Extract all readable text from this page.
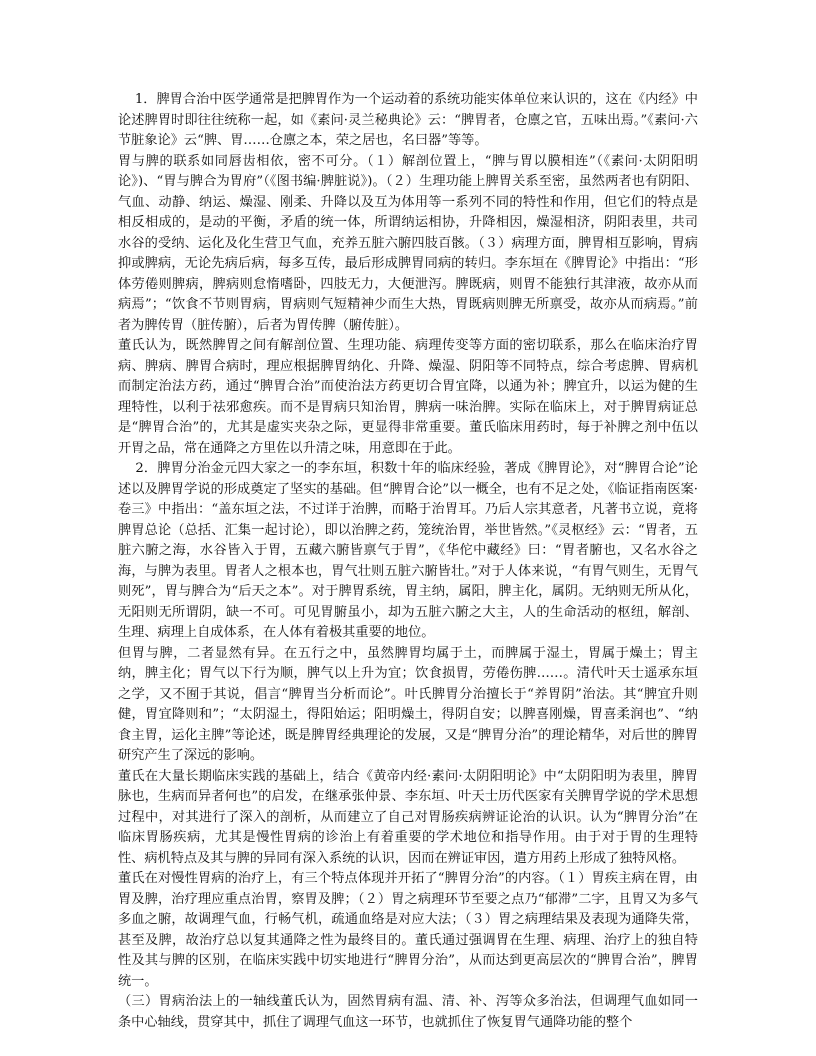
1．脾胃合治中医学通常是把脾胃作为一个运动着的系统功能实体单位来认识的，这在《内经》中论述脾胃时即往往统称一起，如《素问·灵兰秘典论》云：“脾胃者，仓廪之官，五味出焉。”《素问·六节脏象论》云“脾、胃……仓廪之本，荣之居也，名曰器”等等。

胃与脾的联系如同唇齿相依，密不可分。（１）解剖位置上，“脾与胃以膜相连”（《素问·太阴阳明论》)、“胃与脾合为胃府”（《图书编·脾脏说》)。（２）生理功能上脾胃关系至密，虽然两者也有阴阳、气血、动静、纳运、燥湿、刚柔、升降以及互为体用等一系列不同的特性和作用，但它们的特点是相反相成的，是动的平衡，矛盾的统一体，所谓纳运相协，升降相因，燥湿相济，阴阳表里，共司水谷的受纳、运化及化生营卫气血，充养五脏六腑四肢百骸。（３）病理方面，脾胃相互影响，胃病抑或脾病，无论先病后病，每多互传，最后形成脾胃同病的转归。李东垣在《脾胃论》中指出：“形体劳倦则脾病，脾病则怠惰嗜卧，四肢无力，大便泄泻。脾既病，则胃不能独行其津液，故亦从而病焉”；“饮食不节则胃病，胃病则气短精神少而生大热，胃既病则脾无所禀受，故亦从而病焉。”前者为脾传胃（脏传腑），后者为胃传脾（腑传脏）。

董氏认为，既然脾胃之间有解剖位置、生理功能、病理传变等方面的密切联系，那么在临床治疗胃病、脾病、脾胃合病时，理应根据脾胃纳化、升降、燥湿、阴阳等不同特点，综合考虑脾、胃病机而制定治法方药，通过“脾胃合治”而使治法方药更切合胃宜降，以通为补；脾宜升，以运为健的生理特性，以利于祛邪愈疾。而不是胃病只知治胃，脾病一味治脾。实际在临床上，对于脾胃病证总是“脾胃合治”的，尤其是虚实夹杂之际，更显得非常重要。董氏临床用药时，每于补脾之剂中伍以开胃之品，常在通降之方里佐以升清之味，用意即在于此。

2．脾胃分治金元四大家之一的李东垣，积数十年的临床经验，著成《脾胃论》，对“脾胃合论”论述以及脾胃学说的形成奠定了坚实的基础。但“脾胃合论”以一概全，也有不足之处，《临证指南医案·卷三》中指出：“盖东垣之法，不过详于治脾，而略于治胃耳。乃后人宗其意者，凡著书立说，竟将脾胃总论（总括、汇集一起讨论），即以治脾之药，笼统治胃，举世皆然。”《灵枢经》云：“胃者，五脏六腑之海，水谷皆入于胃，五藏六腑皆禀气于胃”，《华佗中藏经》曰：“胃者腑也，又名水谷之海，与脾为表里。胃者人之根本也，胃气壮则五脏六腑皆壮。”对于人体来说，“有胃气则生，无胃气则死”，胃与脾合为“后天之本”。对于脾胃系统，胃主纳，属阳，脾主化，属阴。无纳则无所从化，无阳则无所谓阴，缺一不可。可见胃腑虽小，却为五脏六腑之大主，人的生命活动的枢纽，解剖、生理、病理上自成体系，在人体有着极其重要的地位。

但胃与脾，二者显然有异。在五行之中，虽然脾胃均属于土，而脾属于湿土，胃属于燥土；胃主纳，脾主化；胃气以下行为顺，脾气以上升为宜；饮食损胃，劳倦伤脾……。清代叶天士遥承东垣之学，又不囿于其说，倡言“脾胃当分析而论”。叶氏脾胃分治擅长于“养胃阴”治法。其“脾宜升则健，胃宜降则和”；“太阴湿土，得阳始运；阳明燥土，得阴自安；以脾喜刚燥，胃喜柔润也”、“纳食主胃，运化主脾”等论述，既是脾胃经典理论的发展，又是“脾胃分治”的理论精华，对后世的脾胃研究产生了深远的影响。

董氏在大量长期临床实践的基础上，结合《黄帝内经·素问·太阴阳明论》中“太阴阳明为表里，脾胃脉也，生病而异者何也”的启发，在继承张仲景、李东垣、叶天士历代医家有关脾胃学说的学术思想过程中，对其进行了深入的剖析，从而建立了自己对胃肠疾病辨证论治的认识。认为“脾胃分治”在临床胃肠疾病，尤其是慢性胃病的诊治上有着重要的学术地位和指导作用。由于对于胃的生理特性、病机特点及其与脾的异同有深入系统的认识，因而在辨证审因，遣方用药上形成了独特风格。

董氏在对慢性胃病的治疗上，有三个特点体现并开拓了“脾胃分治”的内容。（１）胃疾主病在胃，由胃及脾，治疗理应重点治胃，察胃及脾；（２）胃之病理环节至要之点乃“郁滞”二字，且胃又为多气多血之腑，故调理气血，行畅气机，疏通血络是对应大法；（３）胃之病理结果及表现为通降失常，甚至及脾，故治疗总以复其通降之性为最终目的。董氏通过强调胃在生理、病理、治疗上的独自特性及其与脾的区别，在临床实践中切实地进行“脾胃分治”，从而达到更高层次的“脾胃合治”，脾胃统一。

（三）胃病治法上的一轴线董氏认为，固然胃病有温、清、补、泻等众多治法，但调理气血如同一条中心轴线，贯穿其中，抓住了调理气血这一环节，也就抓住了恢复胃气通降功能的整个
